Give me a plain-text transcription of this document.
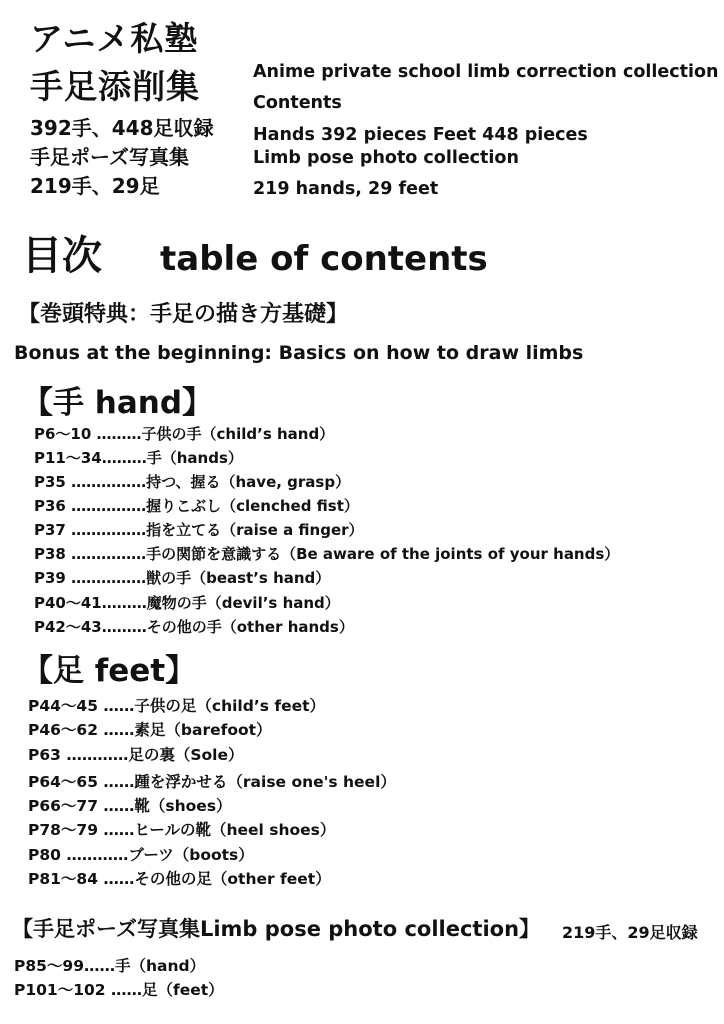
アニメ私塾
手足添削集
392手、448足収録
手足ポーズ写真集
219手、29足
Anime private school limb correction collection
Contents
Hands 392 pieces Feet 448 pieces
Limb pose photo collection
219 hands, 29 feet
目次 table of contents
【巻頭特典：手足の描き方基礎】
Bonus at the beginning: Basics on how to draw limbs
【手 hand】
P6～10 ………子供の手（child’s hand）
P11～34………手（hands）
P35 ……………持つ、握る（have, grasp）
P36 ……………握りこぶし（clenched fist）
P37 ……………指を立てる（raise a finger）
P38 ……………手の関節を意識する（Be aware of the joints of your hands）
P39 ……………獣の手（beast’s hand）
P40～41………魔物の手（devil’s hand）
P42～43………その他の手（other hands）
【足 feet】
P44～45 ……子供の足（child’s feet）
P46～62 ……素足（barefoot）
P63 …………足の裏（Sole）
P64～65 ……踵を浮かせる（raise one's heel）
P66～77 ……靴（shoes）
P78～79 ……ヒールの靴（heel shoes）
P80 …………ブーツ（boots）
P81～84 ……その他の足（other feet）
【手足ポーズ写真集Limb pose photo collection】 219手、29足収録
P85～99……手（hand）
P101～102 ……足（feet）
